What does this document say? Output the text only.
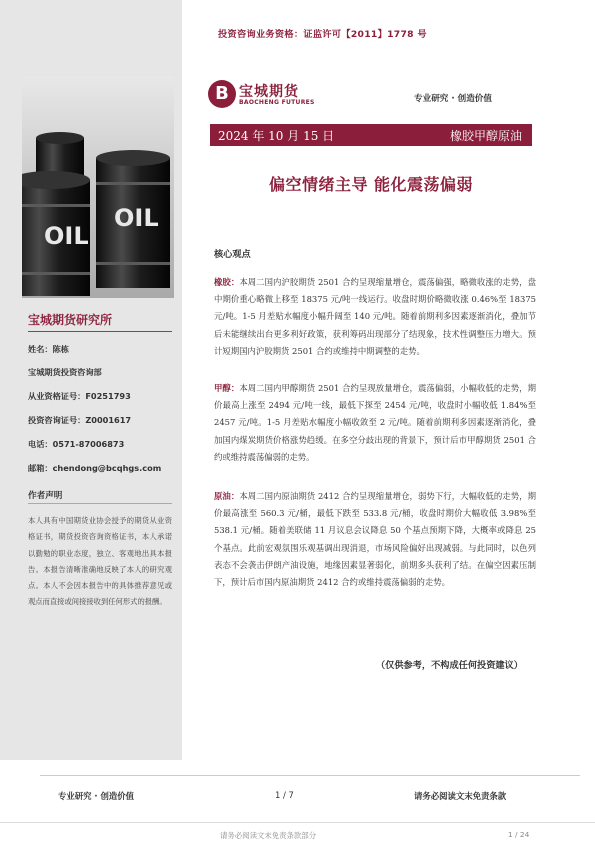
OIL
OIL
宝城期货研究所
姓名：陈栋
宝城期货投资咨询部
从业资格证号：F0251793
投资咨询证号：Z0001617
电话：0571-87006873
邮箱：chendong@bcqhgs.com
作者声明
本人具有中国期货业协会授予的期货从业资格证书，期货投资咨询资格证书，本人承诺以勤勉的职业态度，独立、客观地出具本报告。本报告清晰准确地反映了本人的研究观点。本人不会因本报告中的具体推荐意见或观点而直接或间接接收到任何形式的报酬。
投资咨询业务资格：证监许可【2011】1778 号
B 宝城期货
BAOCHENG FUTURES	专业研究 · 创造价值
2024 年 10 月 15 日	橡胶甲醇原油
偏空情绪主导 能化震荡偏弱
核心观点
橡胶：本周二国内沪胶期货 2501 合约呈现缩量增仓，震荡偏强，略微收涨的走势，盘中期价重心略微上移至 18375 元/吨一线运行。收盘时期价略微收涨 0.46%至 18375 元/吨。1-5 月差贴水幅度小幅升阔至 140 元/吨。随着前期利多因素逐渐消化，叠加节后未能继续出台更多利好政策，获利筹码出现部分了结现象，技术性调整压力增大。预计短期国内沪胶期货 2501 合约或维持中期调整的走势。
甲醇：本周二国内甲醇期货 2501 合约呈现放量增仓，震荡偏弱，小幅收低的走势，期价最高上涨至 2494 元/吨一线，最低下探至 2454 元/吨，收盘时小幅收低 1.84%至 2457 元/吨。1-5 月差贴水幅度小幅收敛至 2 元/吨。随着前期利多因素逐渐消化，叠加国内煤炭期货价格涨势趋缓。在多空分歧出现的背景下，预计后市甲醇期货 2501 合约或维持震荡偏弱的走势。
原油：本周二国内原油期货 2412 合约呈现缩量增仓，弱势下行，大幅收低的走势，期价最高涨至 560.3 元/桶，最低下跌至 533.8 元/桶，收盘时期价大幅收低 3.98%至 538.1 元/桶。随着美联储 11 月议息会议降息 50 个基点预期下降，大概率或降息 25 个基点。此前宏观氛围乐观基调出现消退，市场风险偏好出现减弱。与此同时，以色列表态不会袭击伊朗产油设施，地缘因素显著弱化，前期多头获利了结。在偏空因素压制下，预计后市国内原油期货 2412 合约或维持震荡偏弱的走势。
（仅供参考，不构成任何投资建议）
专业研究 · 创造价值	1 / 7	请务必阅读文末免责条款
请务必阅读文末免责条款部分	1 / 24
